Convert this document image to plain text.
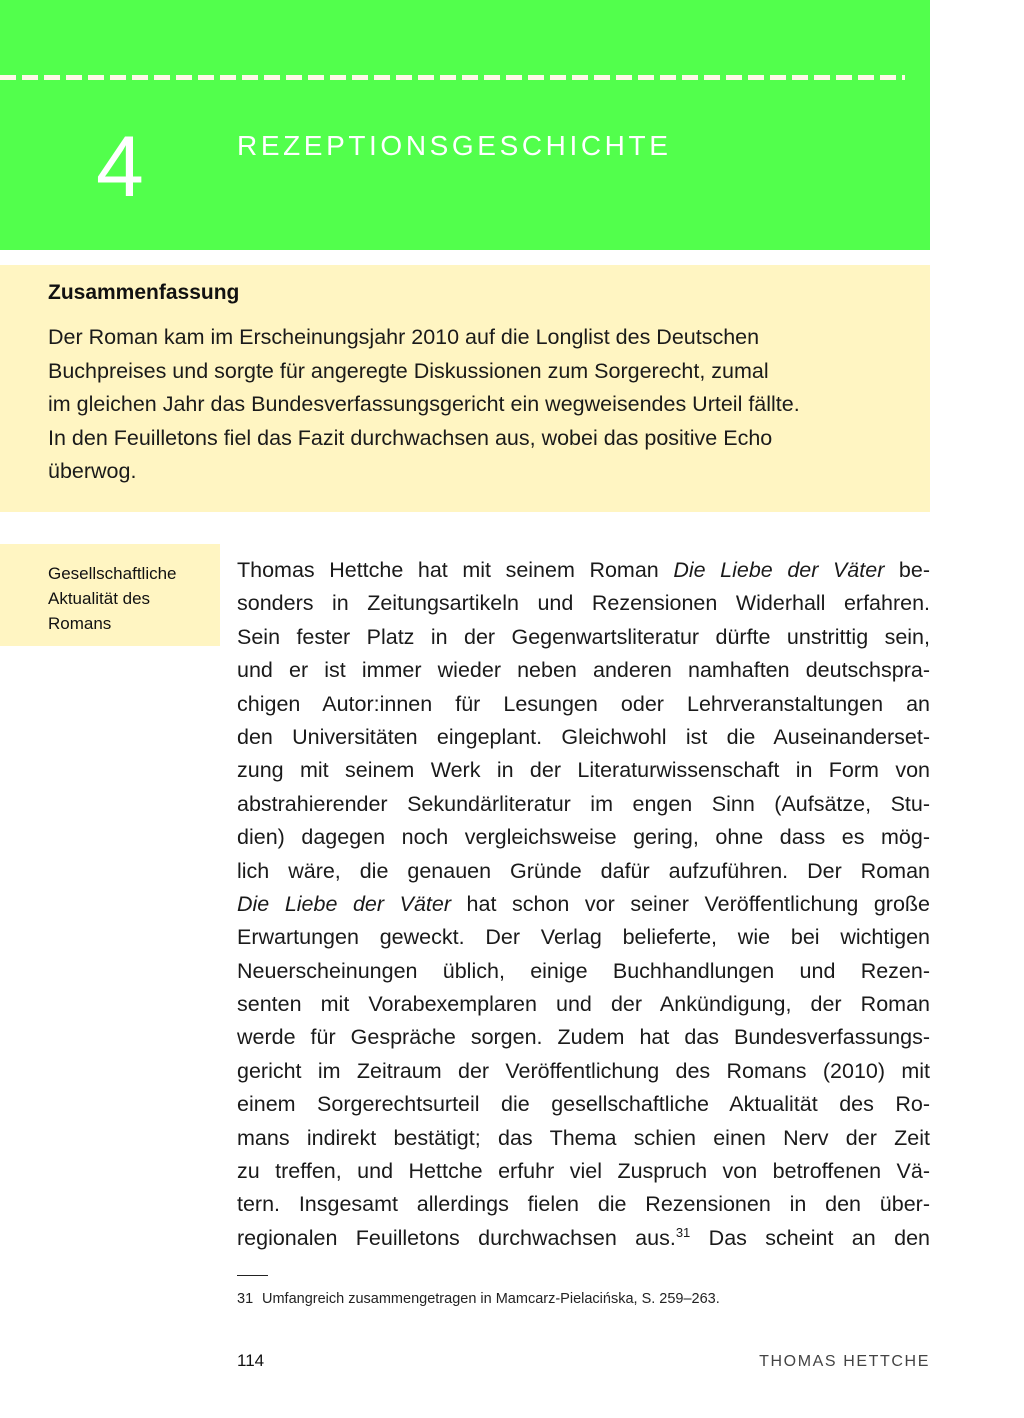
4	REZEPTIONSGESCHICHTE
Zusammenfassung
Der Roman kam im Erscheinungsjahr 2010 auf die Longlist des Deutschen
Buchpreises und sorgte für angeregte Diskussionen zum Sorgerecht, zumal
im gleichen Jahr das Bundesverfassungsgericht ein wegweisendes Urteil fällte.
In den Feuilletons fiel das Fazit durchwachsen aus, wobei das positive Echo
überwog.
Gesellschaftliche
Aktualität des
Romans
Thomas Hettche hat mit seinem Roman Die Liebe der Väter be-
sonders in Zeitungsartikeln und Rezensionen Widerhall erfahren.
Sein fester Platz in der Gegenwartsliteratur dürfte unstrittig sein,
und er ist immer wieder neben anderen namhaften deutschspra-
chigen Autor:innen für Lesungen oder Lehrveranstaltungen an
den Universitäten eingeplant. Gleichwohl ist die Auseinanderset-
zung mit seinem Werk in der Literaturwissenschaft in Form von
abstrahierender Sekundärliteratur im engen Sinn (Aufsätze, Stu-
dien) dagegen noch vergleichsweise gering, ohne dass es mög-
lich wäre, die genauen Gründe dafür aufzuführen. Der Roman
Die Liebe der Väter hat schon vor seiner Veröffentlichung große
Erwartungen geweckt. Der Verlag belieferte, wie bei wichtigen
Neuerscheinungen üblich, einige Buchhandlungen und Rezen-
senten mit Vorabexemplaren und der Ankündigung, der Roman
werde für Gespräche sorgen. Zudem hat das Bundesverfassungs-
gericht im Zeitraum der Veröffentlichung des Romans (2010) mit
einem Sorgerechtsurteil die gesellschaftliche Aktualität des Ro-
mans indirekt bestätigt; das Thema schien einen Nerv der Zeit
zu treffen, und Hettche erfuhr viel Zuspruch von betroffenen Vä-
tern. Insgesamt allerdings fielen die Rezensionen in den über-
regionalen Feuilletons durchwachsen aus.$^{31}$ Das scheint an den
31 Umfangreich zusammengetragen in Mamcarz-Pielacińska, S. 259–263.
114	THOMAS HETTCHE
